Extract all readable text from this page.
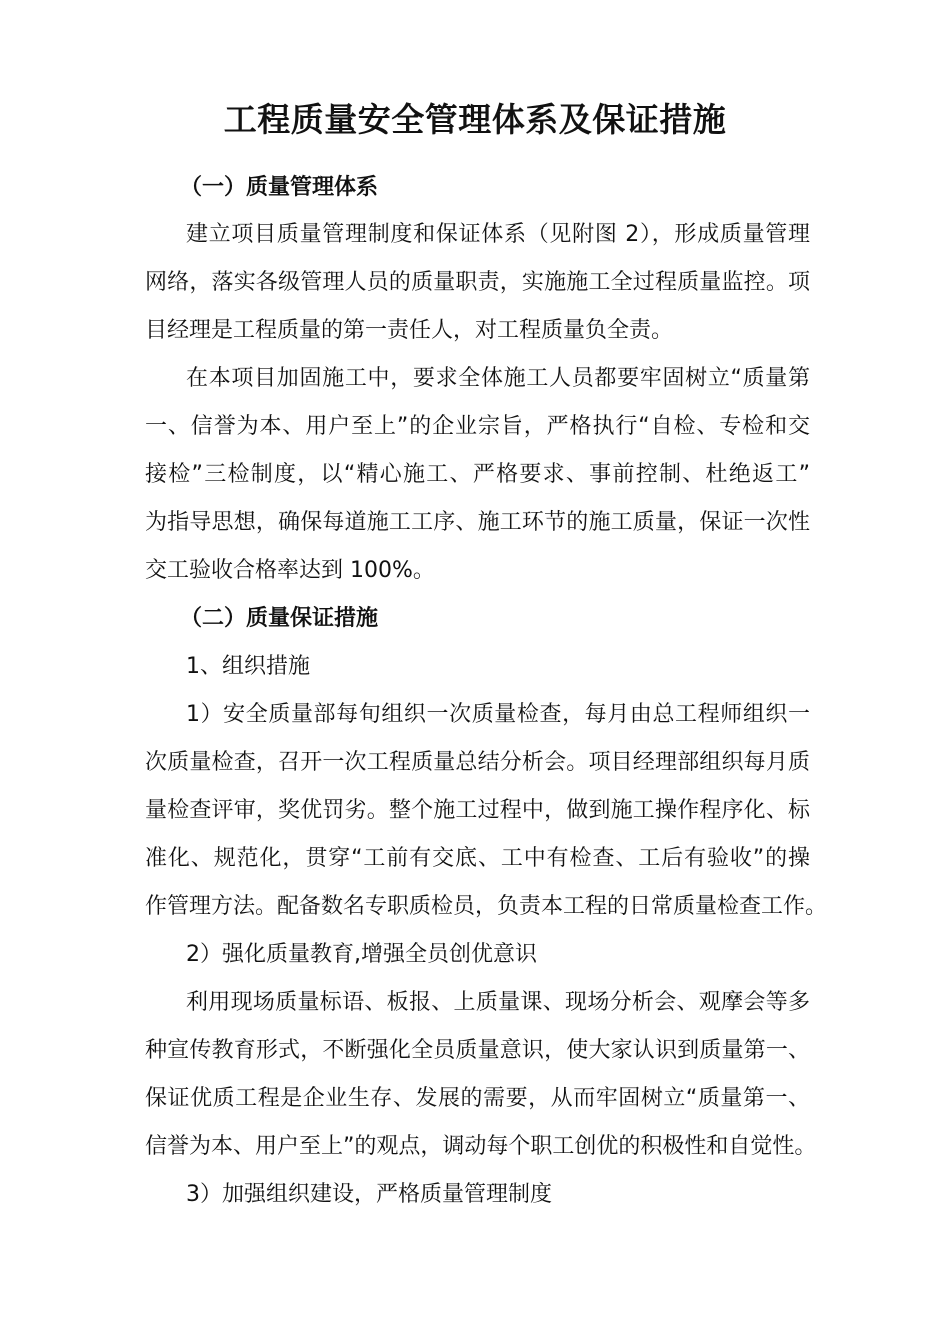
工程质量安全管理体系及保证措施
（一）质量管理体系
建立项目质量管理制度和保证体系（见附图 2），形成质量管理
网络，落实各级管理人员的质量职责，实施施工全过程质量监控。项
目经理是工程质量的第一责任人，对工程质量负全责。
在本项目加固施工中，要求全体施工人员都要牢固树立“质量第
一、信誉为本、用户至上”的企业宗旨，严格执行“自检、专检和交
接检”三检制度，以“精心施工、严格要求、事前控制、杜绝返工”
为指导思想，确保每道施工工序、施工环节的施工质量，保证一次性
交工验收合格率达到 100%。
（二）质量保证措施
1、组织措施
1）安全质量部每旬组织一次质量检查，每月由总工程师组织一
次质量检查，召开一次工程质量总结分析会。项目经理部组织每月质
量检查评审，奖优罚劣。整个施工过程中，做到施工操作程序化、标
准化、规范化，贯穿“工前有交底、工中有检查、工后有验收”的操
作管理方法。配备数名专职质检员，负责本工程的日常质量检查工作。
2）强化质量教育,增强全员创优意识
利用现场质量标语、板报、上质量课、现场分析会、观摩会等多
种宣传教育形式，不断强化全员质量意识，使大家认识到质量第一、
保证优质工程是企业生存、发展的需要，从而牢固树立“质量第一、
信誉为本、用户至上”的观点，调动每个职工创优的积极性和自觉性。
3）加强组织建设，严格质量管理制度
